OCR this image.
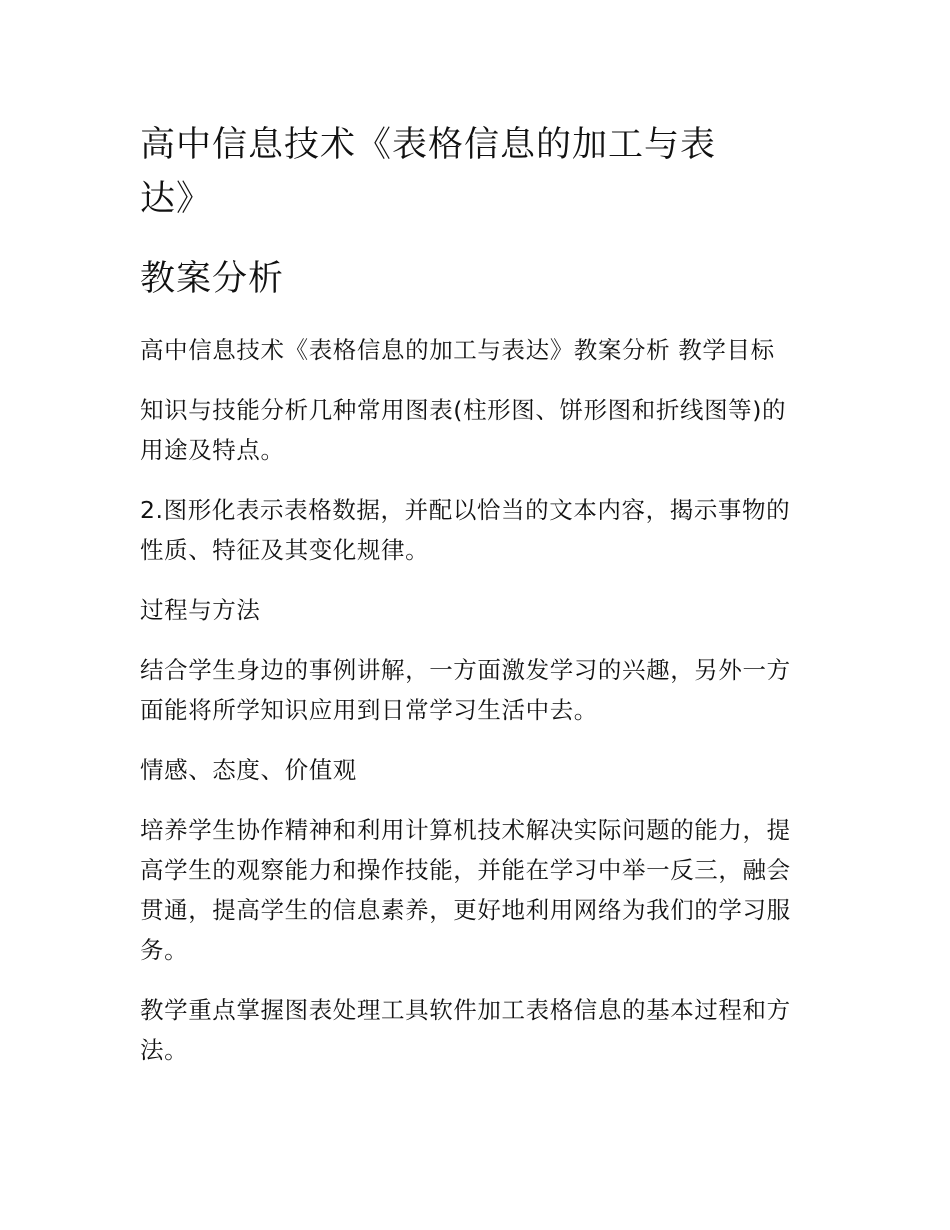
高中信息技术《表格信息的加工与表达》
教案分析

高中信息技术《表格信息的加工与表达》教案分析 教学目标

知识与技能分析几种常用图表(柱形图、饼形图和折线图等)的用途及特点。

2.图形化表示表格数据，并配以恰当的文本内容，揭示事物的性质、特征及其变化规律。

过程与方法

结合学生身边的事例讲解，一方面激发学习的兴趣，另外一方面能将所学知识应用到日常学习生活中去。

情感、态度、价值观

培养学生协作精神和利用计算机技术解决实际问题的能力，提高学生的观察能力和操作技能，并能在学习中举一反三，融会贯通，提高学生的信息素养，更好地利用网络为我们的学习服务。

教学重点掌握图表处理工具软件加工表格信息的基本过程和方法。
